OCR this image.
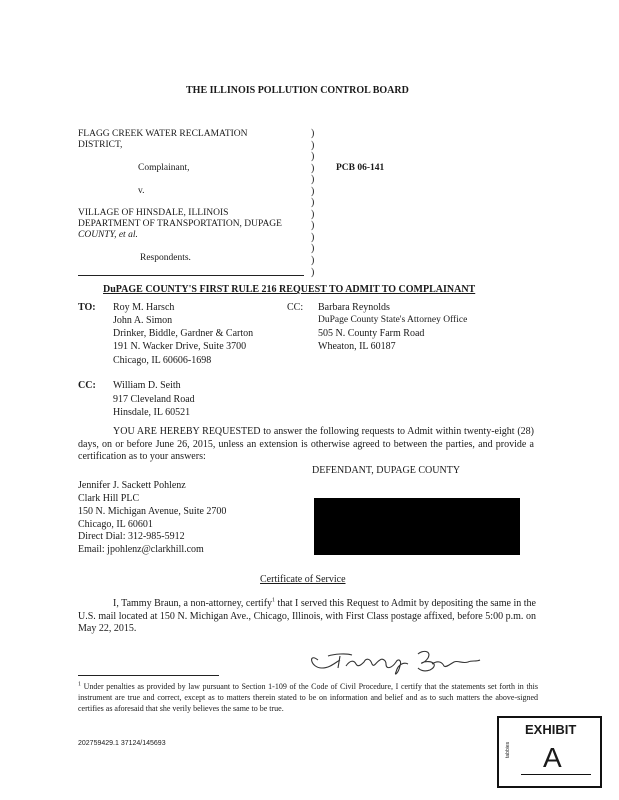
THE ILLINOIS POLLUTION CONTROL BOARD
FLAGG CREEK WATER RECLAMATION
DISTRICT,
Complainant,
v.
VILLAGE OF HINSDALE, ILLINOIS
DEPARTMENT OF TRANSPORTATION, DUPAGE
COUNTY, et al.
Respondents.
)
)
)
)
)
)
)
)
)
)
)
)
)
PCB 06-141
DuPAGE COUNTY'S FIRST RULE 216 REQUEST TO ADMIT TO COMPLAINANT
TO: Roy M. Harsch
John A. Simon
Drinker, Biddle, Gardner & Carton
191 N. Wacker Drive, Suite 3700
Chicago, IL 60606-1698
CC: Barbara Reynolds
DuPage County State's Attorney Office
505 N. County Farm Road
Wheaton, IL 60187
CC: William D. Seith
917 Cleveland Road
Hinsdale, IL 60521
YOU ARE HEREBY REQUESTED to answer the following requests to Admit within twenty-eight (28) days, on or before June 26, 2015, unless an extension is otherwise agreed to between the parties, and provide a certification as to your answers:
DEFENDANT, DUPAGE COUNTY
Jennifer J. Sackett Pohlenz
Clark Hill PLC
150 N. Michigan Avenue, Suite 2700
Chicago, IL 60601
Direct Dial: 312-985-5912
Email: jpohlenz@clarkhill.com
Certificate of Service
I, Tammy Braun, a non-attorney, certify$^1$ that I served this Request to Admit by depositing the same in the U.S. mail located at 150 N. Michigan Ave., Chicago, Illinois, with First Class postage affixed, before 5:00 p.m. on May 22, 2015.
$^1$ Under penalties as provided by law pursuant to Section 1-109 of the Code of Civil Procedure, I certify that the statements set forth in this instrument are true and correct, except as to matters therein stated to be on information and belief and as to such matters the above-signed certifies as aforesaid that she verily believes the same to be true.
202759429.1 37124/145693
EXHIBIT
tabbies A
